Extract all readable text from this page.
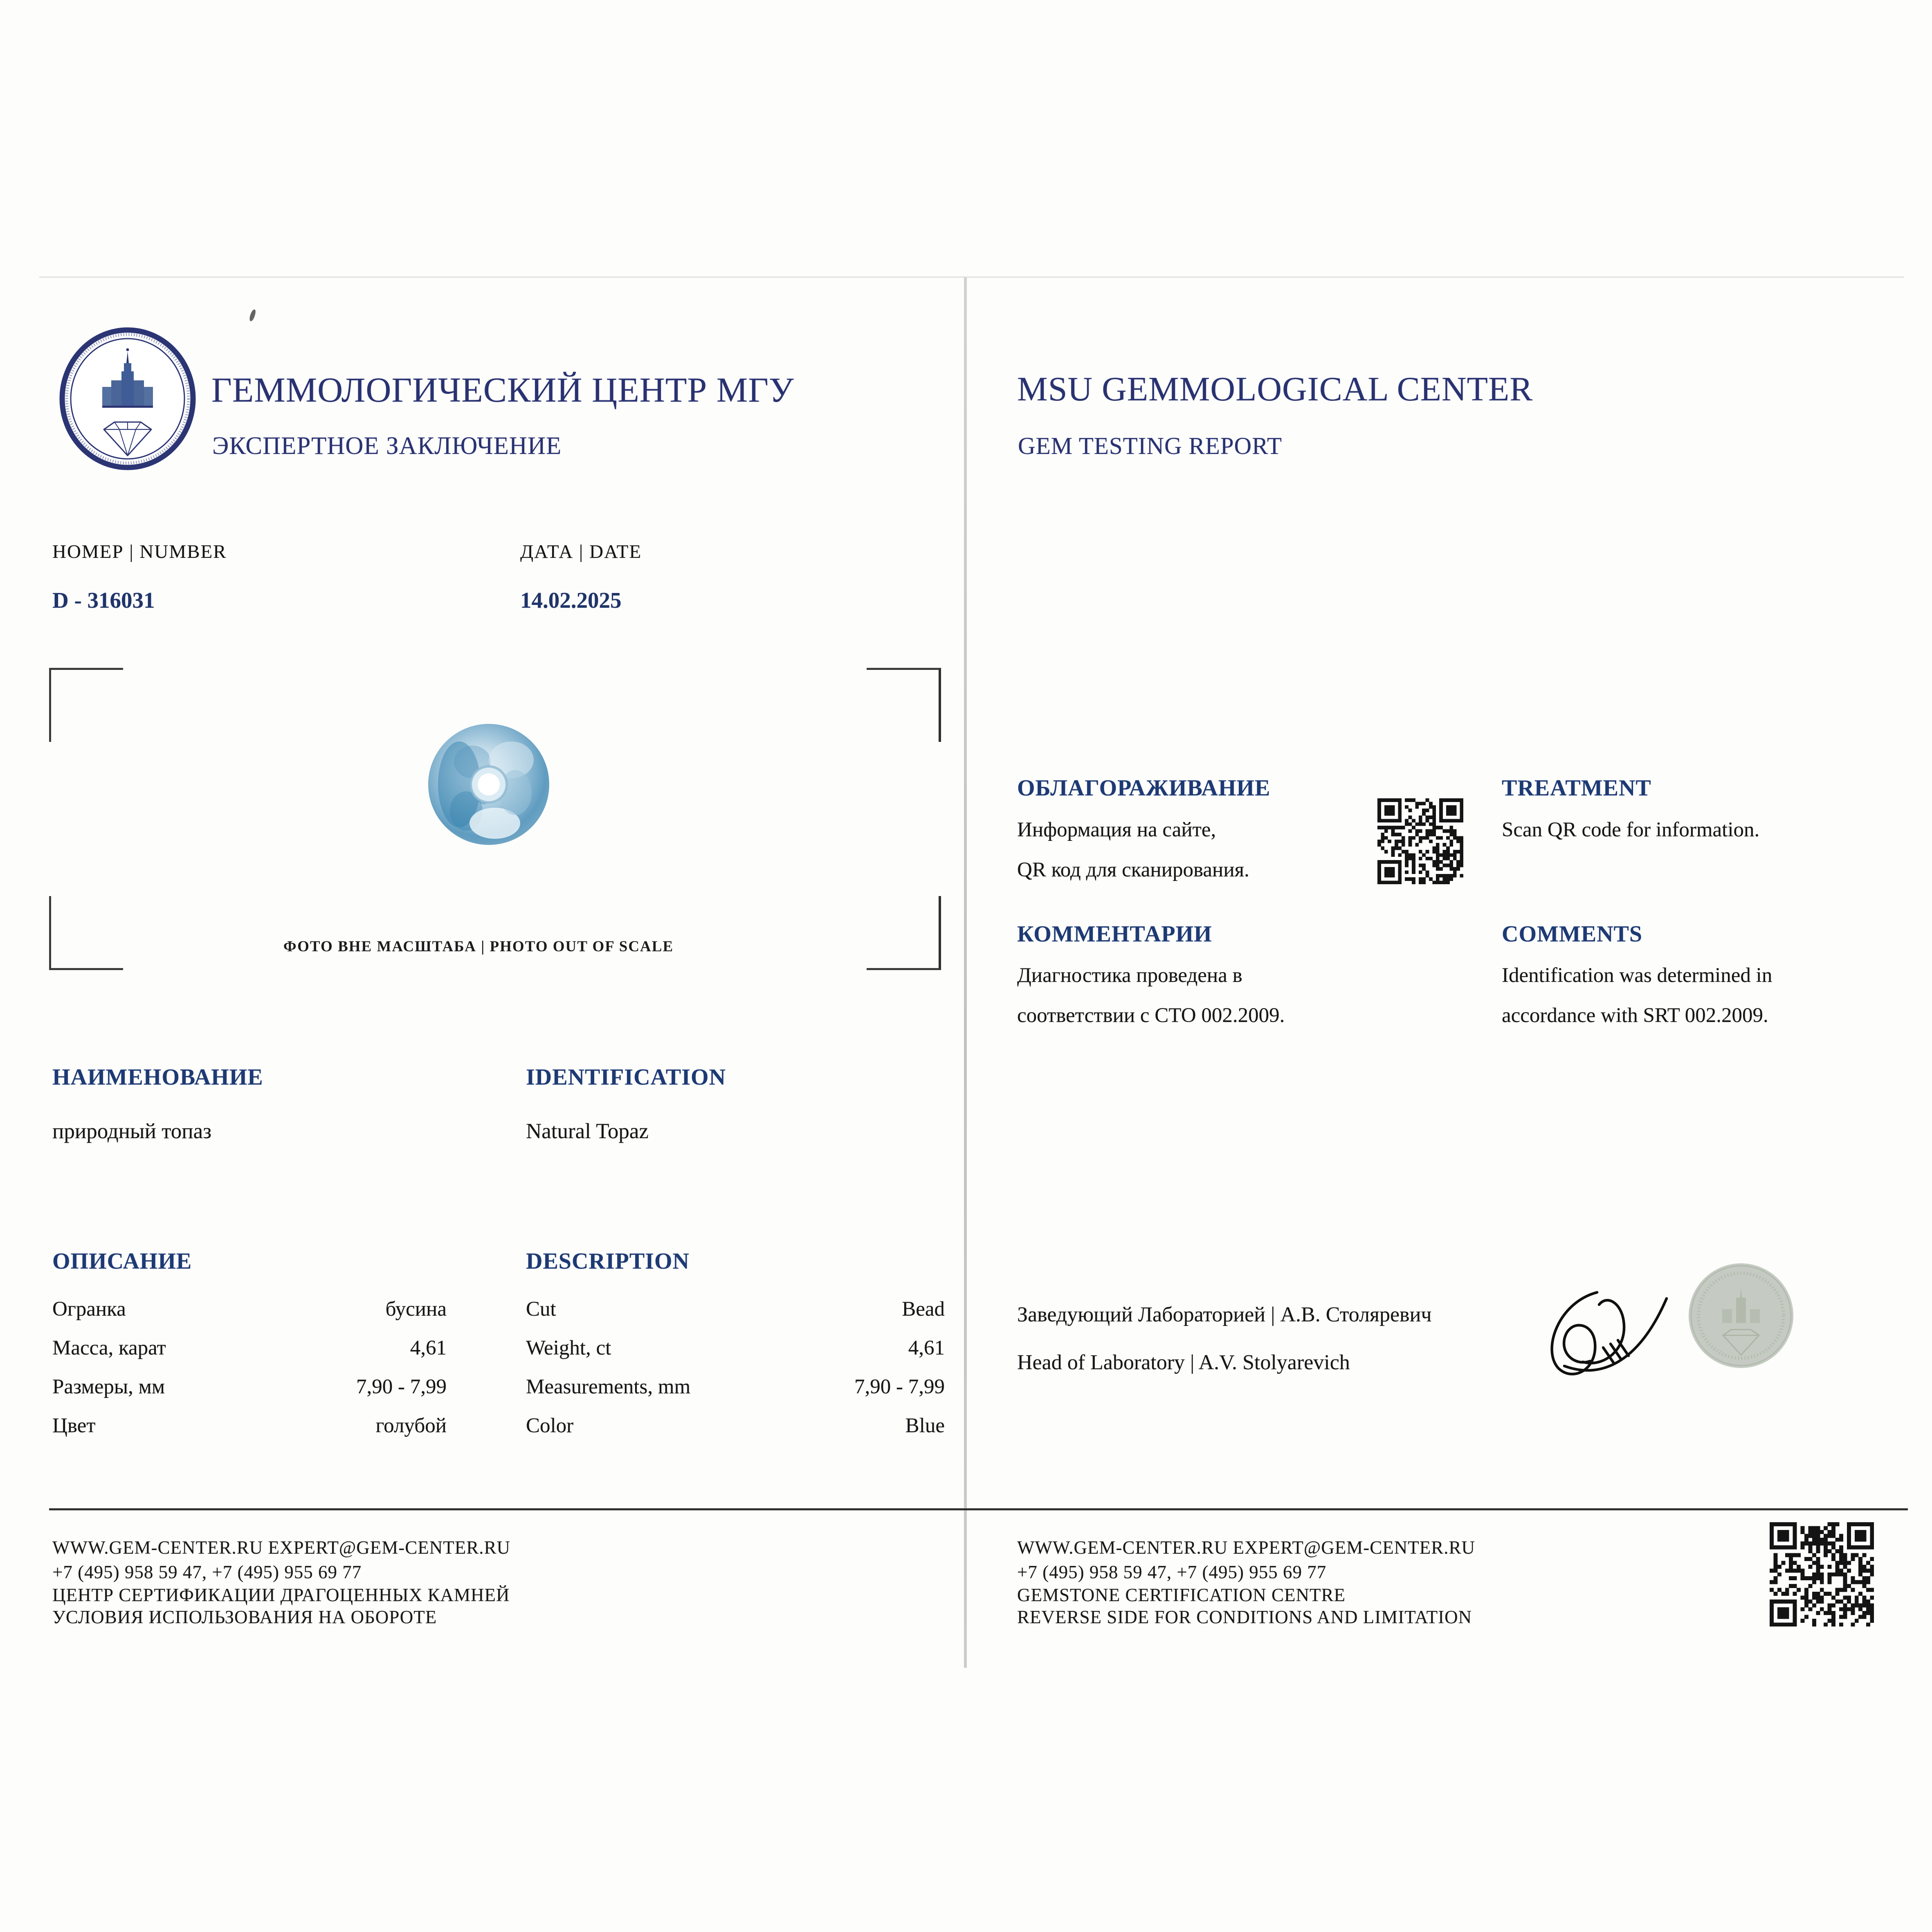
ГЕММОЛОГИЧЕСКИЙ ЦЕНТР МГУ
ЭКСПЕРТНОЕ ЗАКЛЮЧЕНИЕ
НОМЕР | NUMBER	ДАТА | DATE
D - 316031	14.02.2025
ФОТО ВНЕ МАСШТАБА | PHOTO OUT OF SCALE
НАИМЕНОВАНИЕ	IDENTIFICATION
природный топаз	Natural Topaz
ОПИСАНИЕ	DESCRIPTION
Огранка	бусина	Cut	Bead
Масса, карат	4,61	Weight, ct	4,61
Размеры, мм	7,90 - 7,99	Measurements, mm	7,90 - 7,99
Цвет	голубой	Color	Blue
WWW.GEM-CENTER.RU EXPERT@GEM-CENTER.RU
+7 (495) 958 59 47, +7 (495) 955 69 77
ЦЕНТР СЕРТИФИКАЦИИ ДРАГОЦЕННЫХ КАМНЕЙ
УСЛОВИЯ ИСПОЛЬЗОВАНИЯ НА ОБОРОТЕ
MSU GEMMOLOGICAL CENTER
GEM TESTING REPORT
ОБЛАГОРАЖИВАНИЕ
Информация на сайте,
QR код для сканирования.
TREATMENT
Scan QR code for information.
КОММЕНТАРИИ
Диагностика проведена в
соответствии с СТО 002.2009.
COMMENTS
Identification was determined in
accordance with SRT 002.2009.
Заведующий Лабораторией | А.В. Столяревич
Head of Laboratory | A.V. Stolyarevich
WWW.GEM-CENTER.RU EXPERT@GEM-CENTER.RU
+7 (495) 958 59 47, +7 (495) 955 69 77
GEMSTONE CERTIFICATION CENTRE
REVERSE SIDE FOR CONDITIONS AND LIMITATION
